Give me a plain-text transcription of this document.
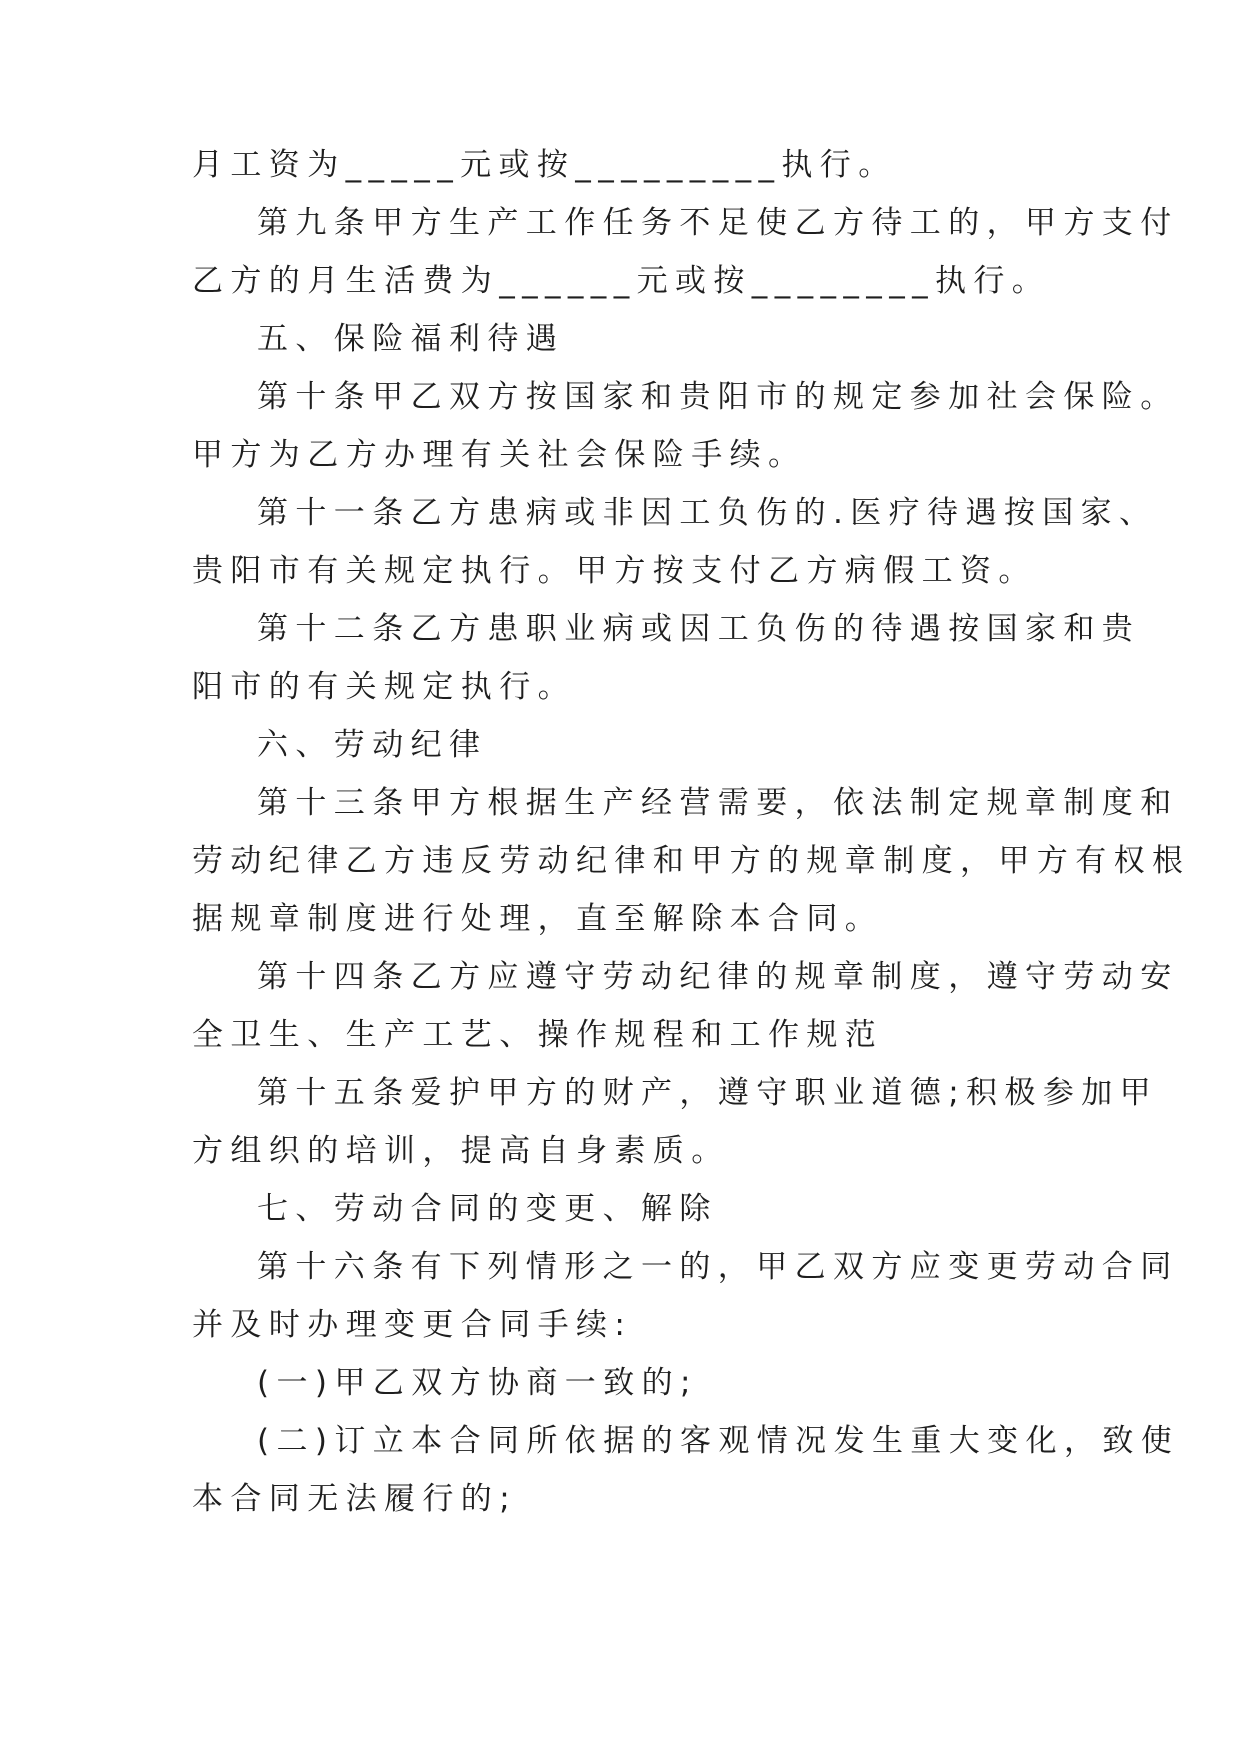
月工资为_____元或按_________执行。

第九条甲方生产工作任务不足使乙方待工的，甲方支付

乙方的月生活费为______元或按________执行。

五、保险福利待遇

第十条甲乙双方按国家和贵阳市的规定参加社会保险。

甲方为乙方办理有关社会保险手续。

第十一条乙方患病或非因工负伤的.医疗待遇按国家、

贵阳市有关规定执行。甲方按支付乙方病假工资。

第十二条乙方患职业病或因工负伤的待遇按国家和贵

阳市的有关规定执行。

六、劳动纪律

第十三条甲方根据生产经营需要，依法制定规章制度和

劳动纪律乙方违反劳动纪律和甲方的规章制度，甲方有权根

据规章制度进行处理，直至解除本合同。

第十四条乙方应遵守劳动纪律的规章制度，遵守劳动安

全卫生、生产工艺、操作规程和工作规范

第十五条爱护甲方的财产，遵守职业道德;积极参加甲

方组织的培训，提高自身素质。

七、劳动合同的变更、解除

第十六条有下列情形之一的，甲乙双方应变更劳动合同

并及时办理变更合同手续:

(一)甲乙双方协商一致的;

(二)订立本合同所依据的客观情况发生重大变化，致使

本合同无法履行的;
